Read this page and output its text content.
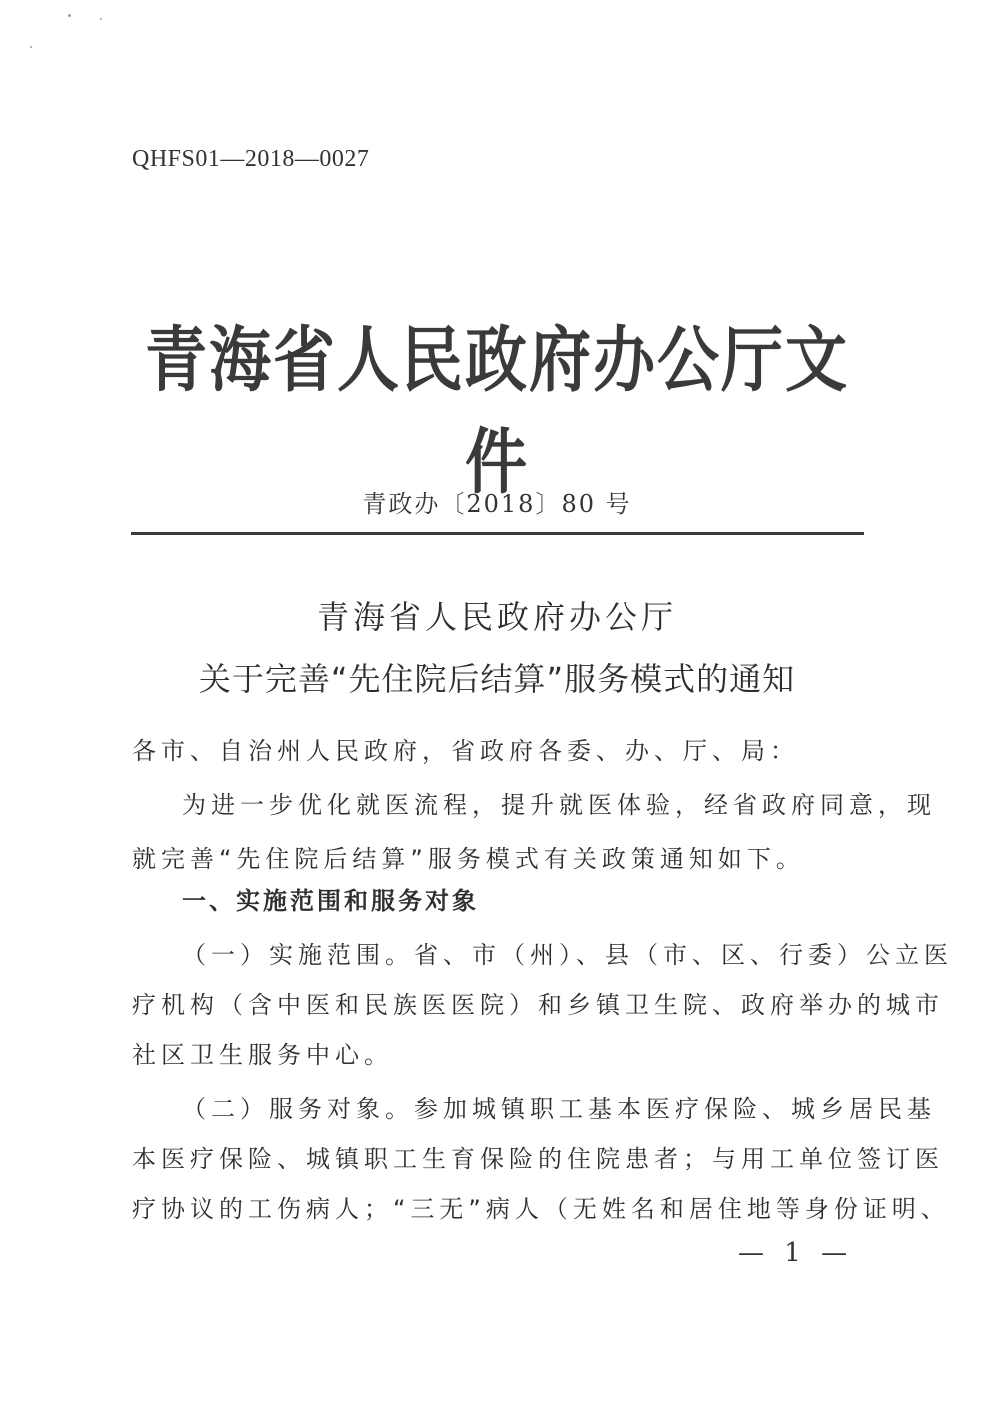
QHFS01—2018—0027
青海省人民政府办公厅文件
青政办〔2018〕80 号
青海省人民政府办公厅
关于完善“先住院后结算”服务模式的通知
各市、自治州人民政府，省政府各委、办、厅、局：
为进一步优化就医流程，提升就医体验，经省政府同意，现
就完善“先住院后结算”服务模式有关政策通知如下。
一、实施范围和服务对象
（一）实施范围。省、市（州）、县（市、区、行委）公立医
疗机构（含中医和民族医医院）和乡镇卫生院、政府举办的城市
社区卫生服务中心。
（二）服务对象。参加城镇职工基本医疗保险、城乡居民基
本医疗保险、城镇职工生育保险的住院患者；与用工单位签订医
疗协议的工伤病人；“三无”病人（无姓名和居住地等身份证明、
— 1 —
